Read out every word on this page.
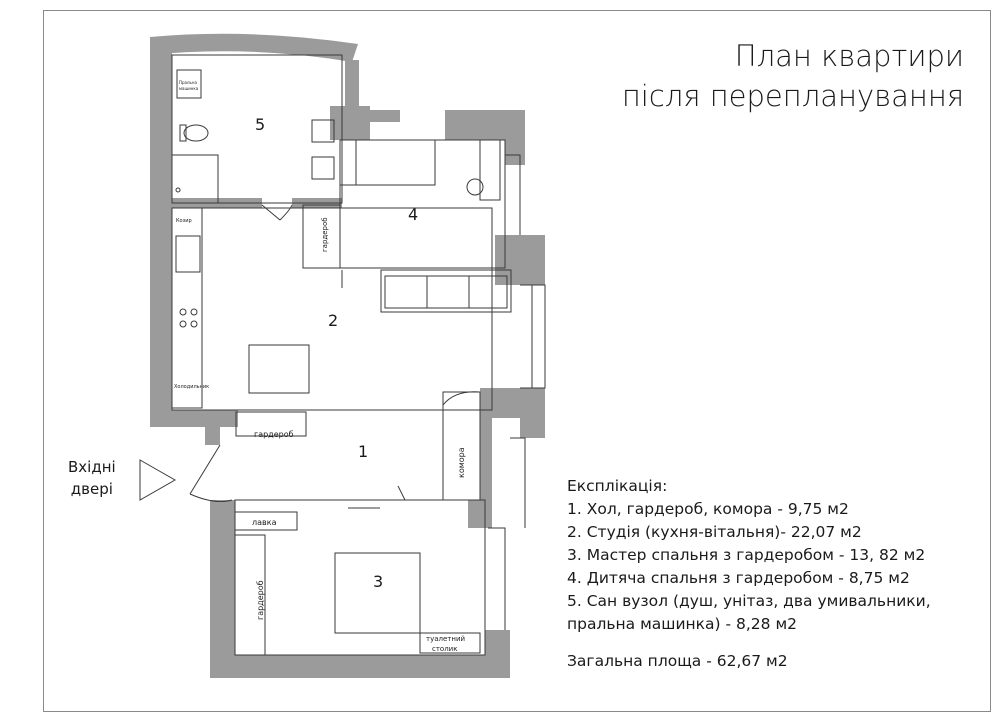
План квартири
після перепланування
5
4
2
1
3
гардероб
лавка
туалетний
столик
Пральна
машинка
Козир
Холодильник
гардероб
комора
гардероб
Вхідні
двері	Експлікація:
1. Хол, гардероб, комора - 9,75 м2
2. Студія (кухня-вітальня)- 22,07 м2
3. Мастер спальня з гардеробом - 13, 82 м2
4. Дитяча спальня з гардеробом - 8,75 м2
5. Сан вузол (душ, унітаз, два умивальники,
пральна машинка) - 8,28 м2
Загальна площа - 62,67 м2
